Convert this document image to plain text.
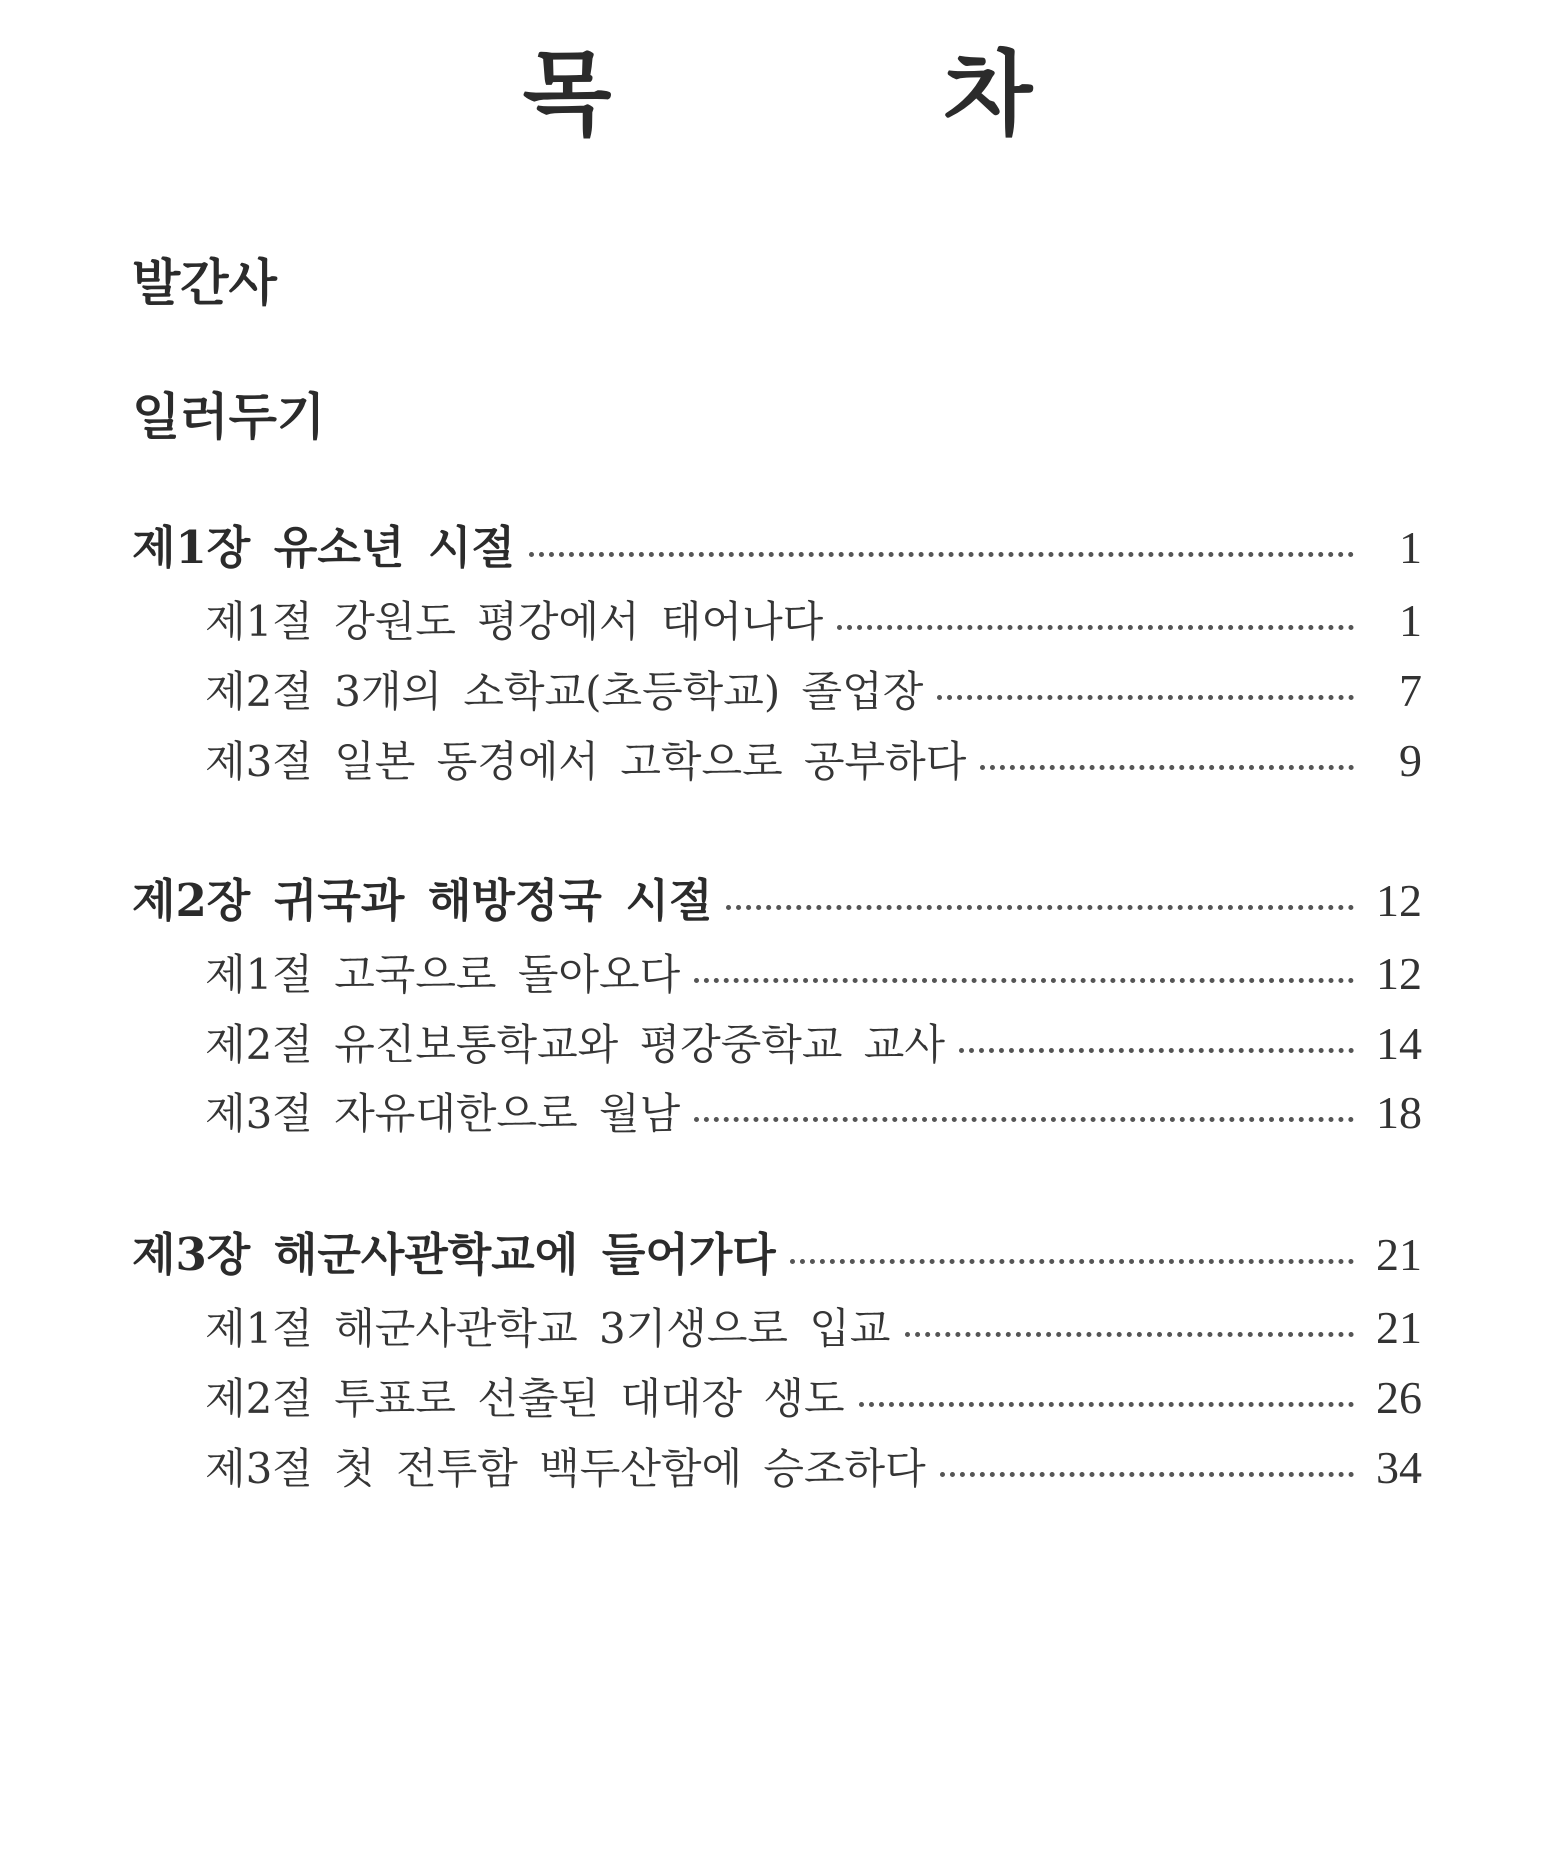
목 차
발간사
일러두기
제1장 유소년 시절	1
제1절 강원도 평강에서 태어나다	1
제2절 3개의 소학교(초등학교) 졸업장	7
제3절 일본 동경에서 고학으로 공부하다	9
제2장 귀국과 해방정국 시절	12
제1절 고국으로 돌아오다	12
제2절 유진보통학교와 평강중학교 교사	14
제3절 자유대한으로 월남	18
제3장 해군사관학교에 들어가다	21
제1절 해군사관학교 3기생으로 입교	21
제2절 투표로 선출된 대대장 생도	26
제3절 첫 전투함 백두산함에 승조하다	34
